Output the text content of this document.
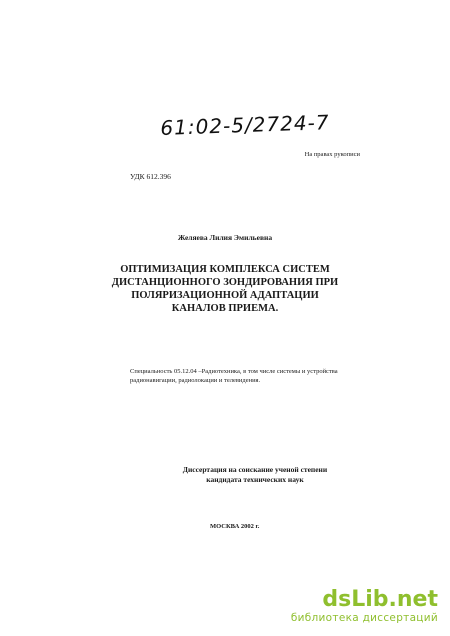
61:02-5/2724-7
На правах рукописи
УДК 612.396
Желяева Лилия Эмильевна
ОПТИМИЗАЦИЯ КОМПЛЕКСА СИСТЕМ
ДИСТАНЦИОННОГО ЗОНДИРОВАНИЯ ПРИ
ПОЛЯРИЗАЦИОННОЙ АДАПТАЦИИ
КАНАЛОВ ПРИЕМА.
Специальность 05.12.04 –Радиотехника, в том числе системы и устройства
радионавигации, радиолокации и телевидения.
Диссертация на соискание ученой степени
кандидата технических наук
МОСКВА 2002 г.
dsLib.net
библиотека диссертаций
